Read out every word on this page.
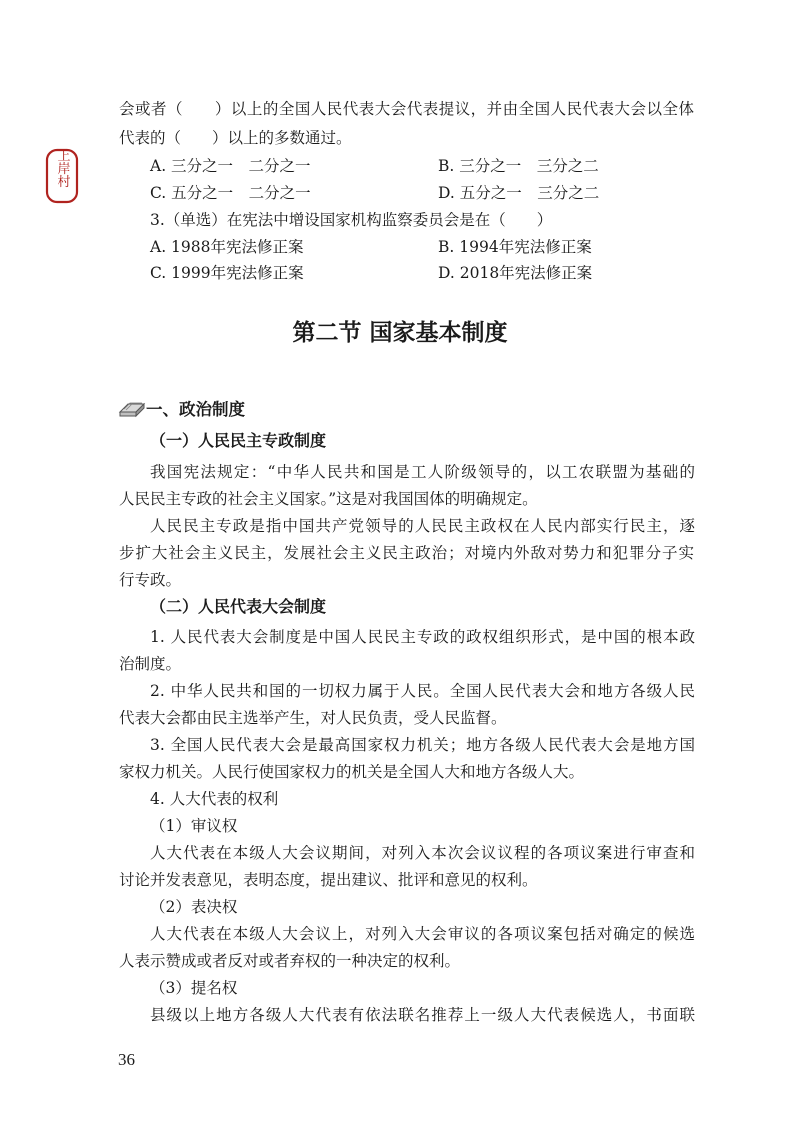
上岸村
会或者（　　）以上的全国人民代表大会代表提议，并由全国人民代表大会以全体
代表的（　　）以上的多数通过。
A. 三分之一　二分之一	B. 三分之一　三分之二
C. 五分之一　二分之一	D. 五分之一　三分之二
3.（单选）在宪法中增设国家机构监察委员会是在（　　）
A. 1988年宪法修正案	B. 1994年宪法修正案
C. 1999年宪法修正案	D. 2018年宪法修正案
第二节 国家基本制度
一、政治制度
（一）人民民主专政制度
我国宪法规定：“中华人民共和国是工人阶级领导的，以工农联盟为基础的
人民民主专政的社会主义国家。”这是对我国国体的明确规定。
人民民主专政是指中国共产党领导的人民民主政权在人民内部实行民主，逐
步扩大社会主义民主，发展社会主义民主政治；对境内外敌对势力和犯罪分子实
行专政。
（二）人民代表大会制度
1. 人民代表大会制度是中国人民民主专政的政权组织形式，是中国的根本政
治制度。
2. 中华人民共和国的一切权力属于人民。全国人民代表大会和地方各级人民
代表大会都由民主选举产生，对人民负责，受人民监督。
3. 全国人民代表大会是最高国家权力机关；地方各级人民代表大会是地方国
家权力机关。人民行使国家权力的机关是全国人大和地方各级人大。
4. 人大代表的权利
（1）审议权
人大代表在本级人大会议期间，对列入本次会议议程的各项议案进行审查和
讨论并发表意见，表明态度，提出建议、批评和意见的权利。
（2）表决权
人大代表在本级人大会议上，对列入大会审议的各项议案包括对确定的候选
人表示赞成或者反对或者弃权的一种决定的权利。
（3）提名权
县级以上地方各级人大代表有依法联名推荐上一级人大代表候选人，书面联
36
